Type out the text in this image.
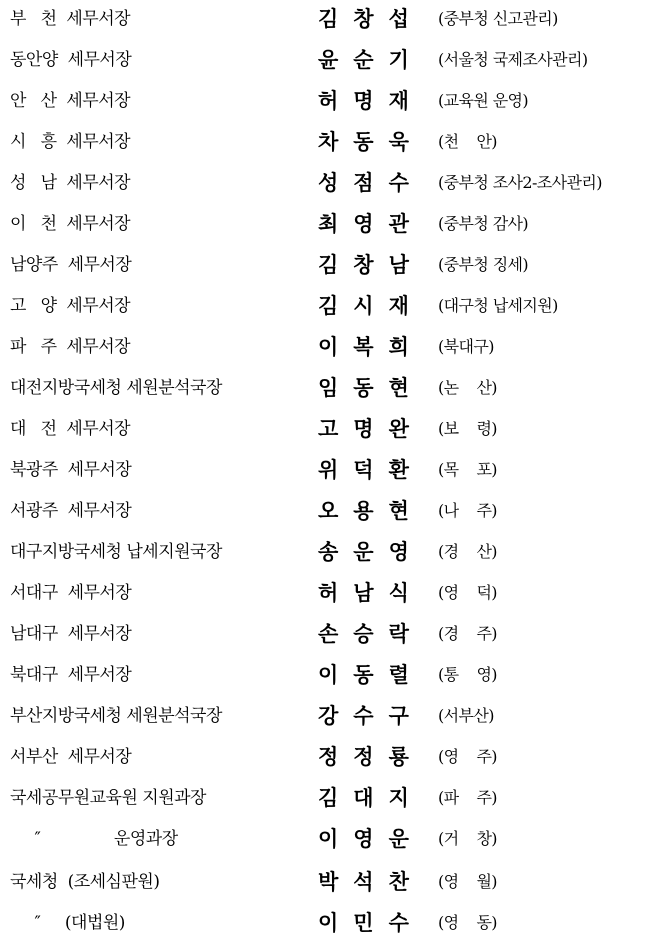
부   천  세무서장	김창섭 (중부청 신고관리)
동안양  세무서장	윤순기 (서울청 국제조사관리)
안   산  세무서장	허명재 (교육원 운영)
시   흥  세무서장	차동욱 (천    안)
성   남  세무서장	성점수 (중부청 조사2-조사관리)
이   천  세무서장	최영관 (중부청 감사)
남양주  세무서장	김창남 (중부청 징세)
고   양  세무서장	김시재 (대구청 납세지원)
파   주  세무서장	이복희 (북대구)
대전지방국세청 세원분석국장	임동현 (논    산)
대   전  세무서장	고명완 (보    령)
북광주  세무서장	위덕환 (목    포)
서광주  세무서장	오용현 (나    주)
대구지방국세청 납세지원국장	송운영 (경    산)
서대구  세무서장	허남식 (영    덕)
남대구  세무서장	손승락 (경    주)
북대구  세무서장	이동렬 (통    영)
부산지방국세청 세원분석국장	강수구 (서부산)
서부산  세무서장	정정룡 (영    주)
국세공무원교육원 지원과장	김대지 (파    주)
″               운영과장	이영운 (거    창)
국세청  (조세심판원)	박석찬 (영    월)
″     (대법원)	이민수 (영    동)
